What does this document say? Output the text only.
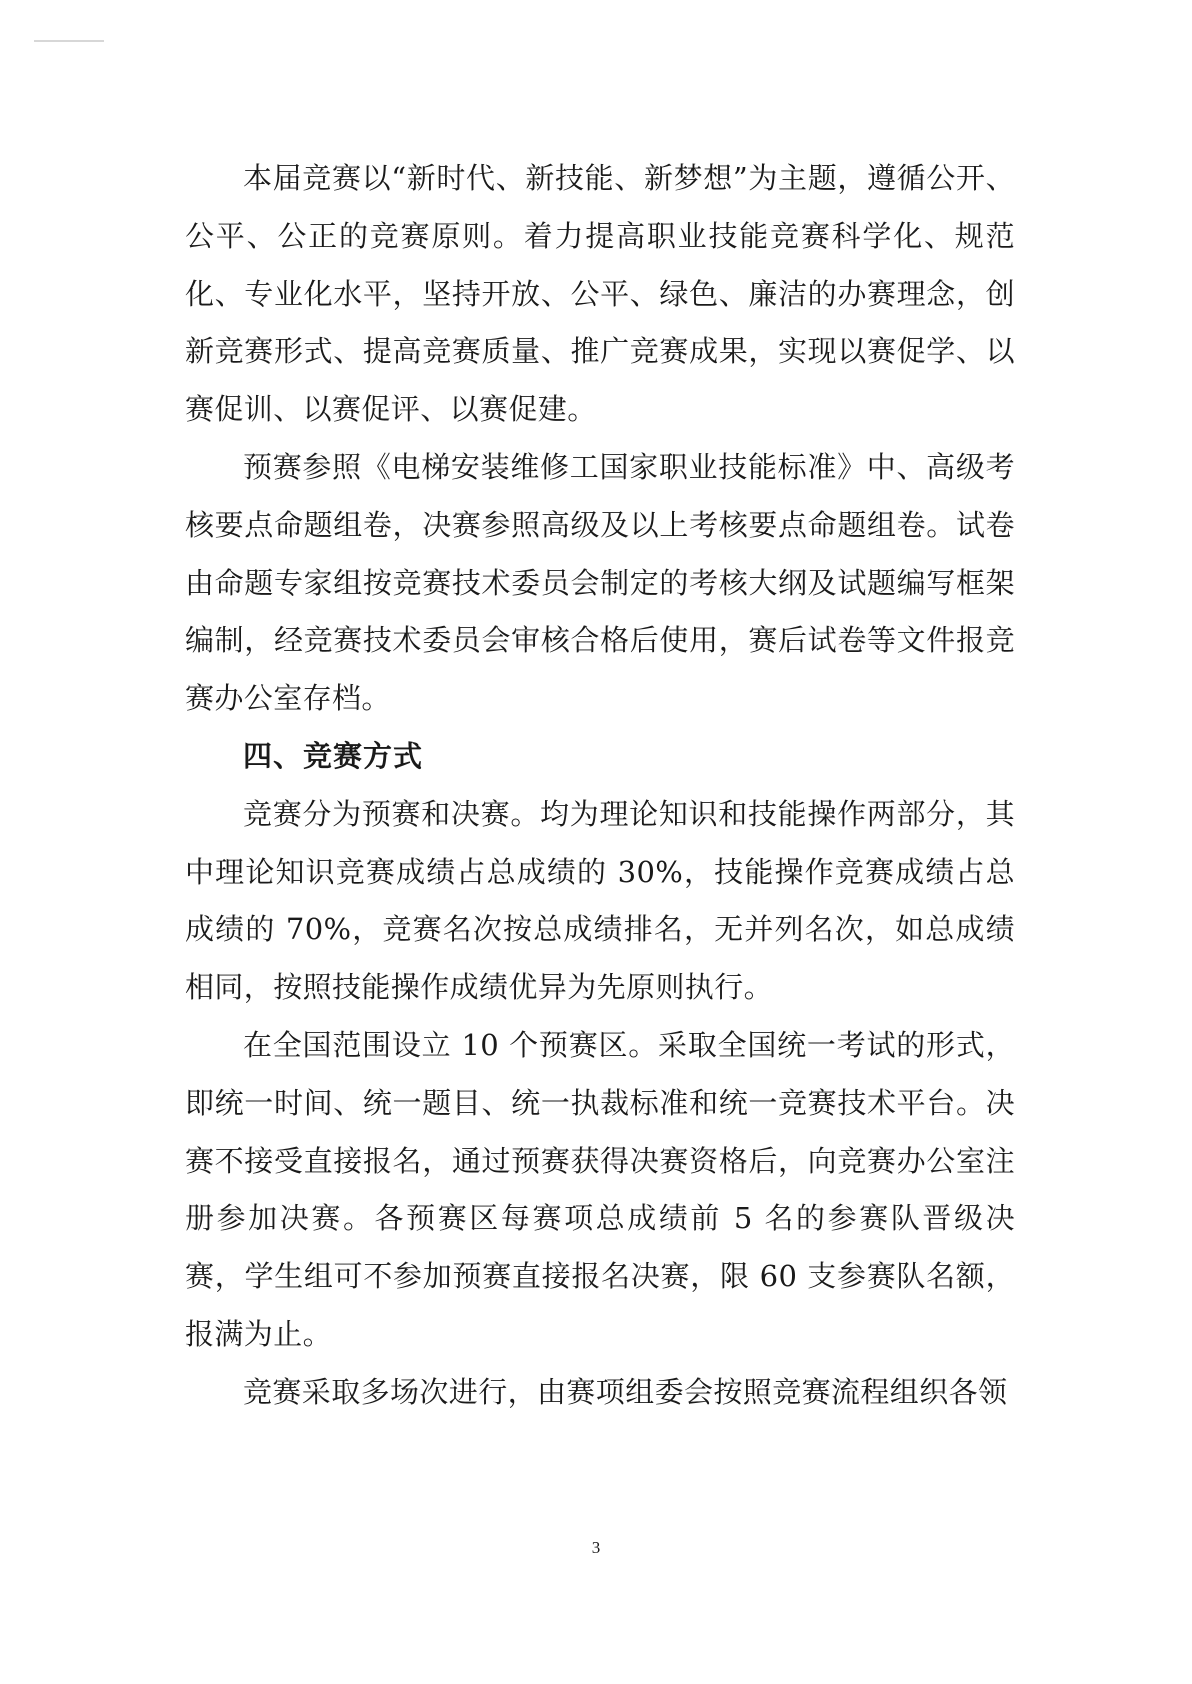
本届竞赛以“新时代、新技能、新梦想”为主题，遵循公开、公平、公正的竞赛原则。着力提高职业技能竞赛科学化、规范化、专业化水平，坚持开放、公平、绿色、廉洁的办赛理念，创新竞赛形式、提高竞赛质量、推广竞赛成果，实现以赛促学、以赛促训、以赛促评、以赛促建。

预赛参照《电梯安装维修工国家职业技能标准》中、高级考核要点命题组卷，决赛参照高级及以上考核要点命题组卷。试卷由命题专家组按竞赛技术委员会制定的考核大纲及试题编写框架编制，经竞赛技术委员会审核合格后使用，赛后试卷等文件报竞赛办公室存档。

四、竞赛方式

竞赛分为预赛和决赛。均为理论知识和技能操作两部分，其中理论知识竞赛成绩占总成绩的 30%，技能操作竞赛成绩占总成绩的 70%，竞赛名次按总成绩排名，无并列名次，如总成绩相同，按照技能操作成绩优异为先原则执行。

在全国范围设立 10 个预赛区。采取全国统一考试的形式，即统一时间、统一题目、统一执裁标准和统一竞赛技术平台。决赛不接受直接报名，通过预赛获得决赛资格后，向竞赛办公室注册参加决赛。各预赛区每赛项总成绩前 5 名的参赛队晋级决赛，学生组可不参加预赛直接报名决赛，限 60 支参赛队名额，报满为止。

竞赛采取多场次进行，由赛项组委会按照竞赛流程组织各领

3
